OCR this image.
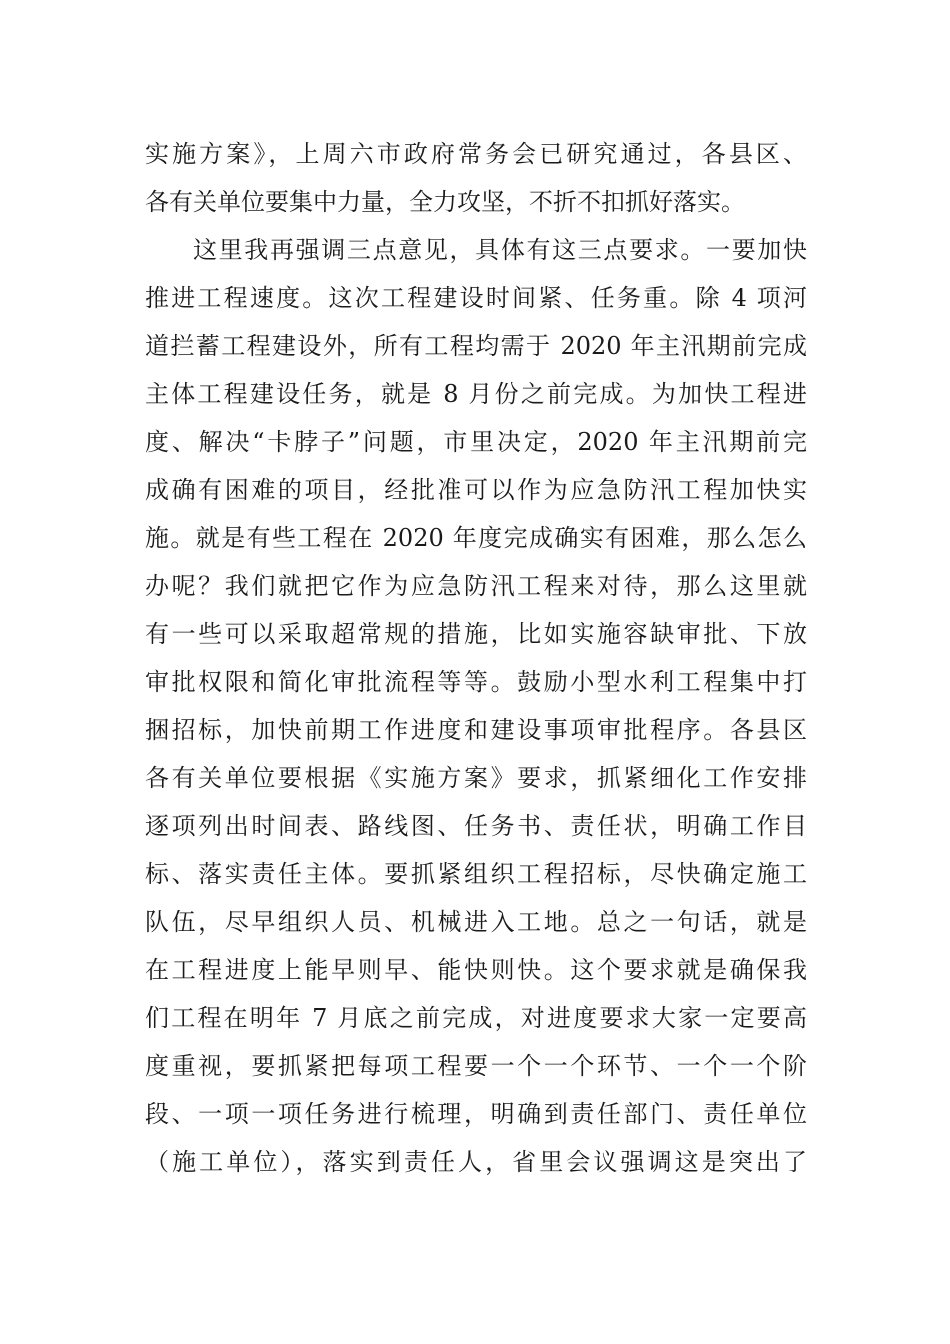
实施方案》，上周六市政府常务会已研究通过，各县区、
各有关单位要集中力量，全力攻坚，不折不扣抓好落实。
这里我再强调三点意见，具体有这三点要求。一要加快
推进工程速度。这次工程建设时间紧、任务重。除 4 项河
道拦蓄工程建设外，所有工程均需于 2020 年主汛期前完成
主体工程建设任务，就是 8 月份之前完成。为加快工程进
度、解决“卡脖子”问题，市里决定，2020 年主汛期前完
成确有困难的项目，经批准可以作为应急防汛工程加快实
施。就是有些工程在 2020 年度完成确实有困难，那么怎么
办呢？我们就把它作为应急防汛工程来对待，那么这里就
有一些可以采取超常规的措施，比如实施容缺审批、下放
审批权限和简化审批流程等等。鼓励小型水利工程集中打
捆招标，加快前期工作进度和建设事项审批程序。各县区
各有关单位要根据《实施方案》要求，抓紧细化工作安排
逐项列出时间表、路线图、任务书、责任状，明确工作目
标、落实责任主体。要抓紧组织工程招标，尽快确定施工
队伍，尽早组织人员、机械进入工地。总之一句话，就是
在工程进度上能早则早、能快则快。这个要求就是确保我
们工程在明年 7 月底之前完成，对进度要求大家一定要高
度重视，要抓紧把每项工程要一个一个环节、一个一个阶
段、一项一项任务进行梳理，明确到责任部门、责任单位
（施工单位），落实到责任人，省里会议强调这是突出了
